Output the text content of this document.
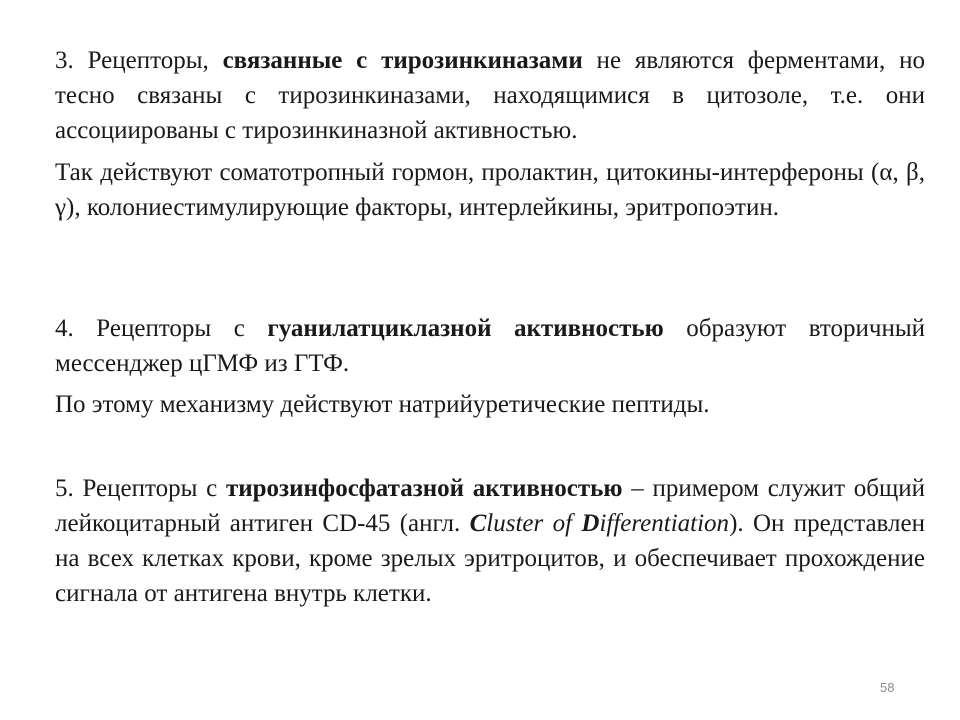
3. Рецепторы, связанные с тирозинкиназами не являются ферментами, но тесно связаны с тирозинкиназами, находящимися в цитозоле, т.е. они ассоциированы с тирозинкиназной активностью.

Так действуют соматотропный гормон, пролактин, цитокины-интерфероны (α, β, γ), колониестимулирующие факторы, интерлейкины, эритропоэтин.

4. Рецепторы с гуанилатциклазной активностью образуют вторичный мессенджер цГМФ из ГТФ.

По этому механизму действуют натрийуретические пептиды.

5. Рецепторы с тирозинфосфатазной активностью – примером служит общий лейкоцитарный антиген CD-45 (англ. Cluster of Differentiation). Он представлен на всех клетках крови, кроме зрелых эритроцитов, и обеспечивает прохождение сигнала от антигена внутрь клетки.

58
